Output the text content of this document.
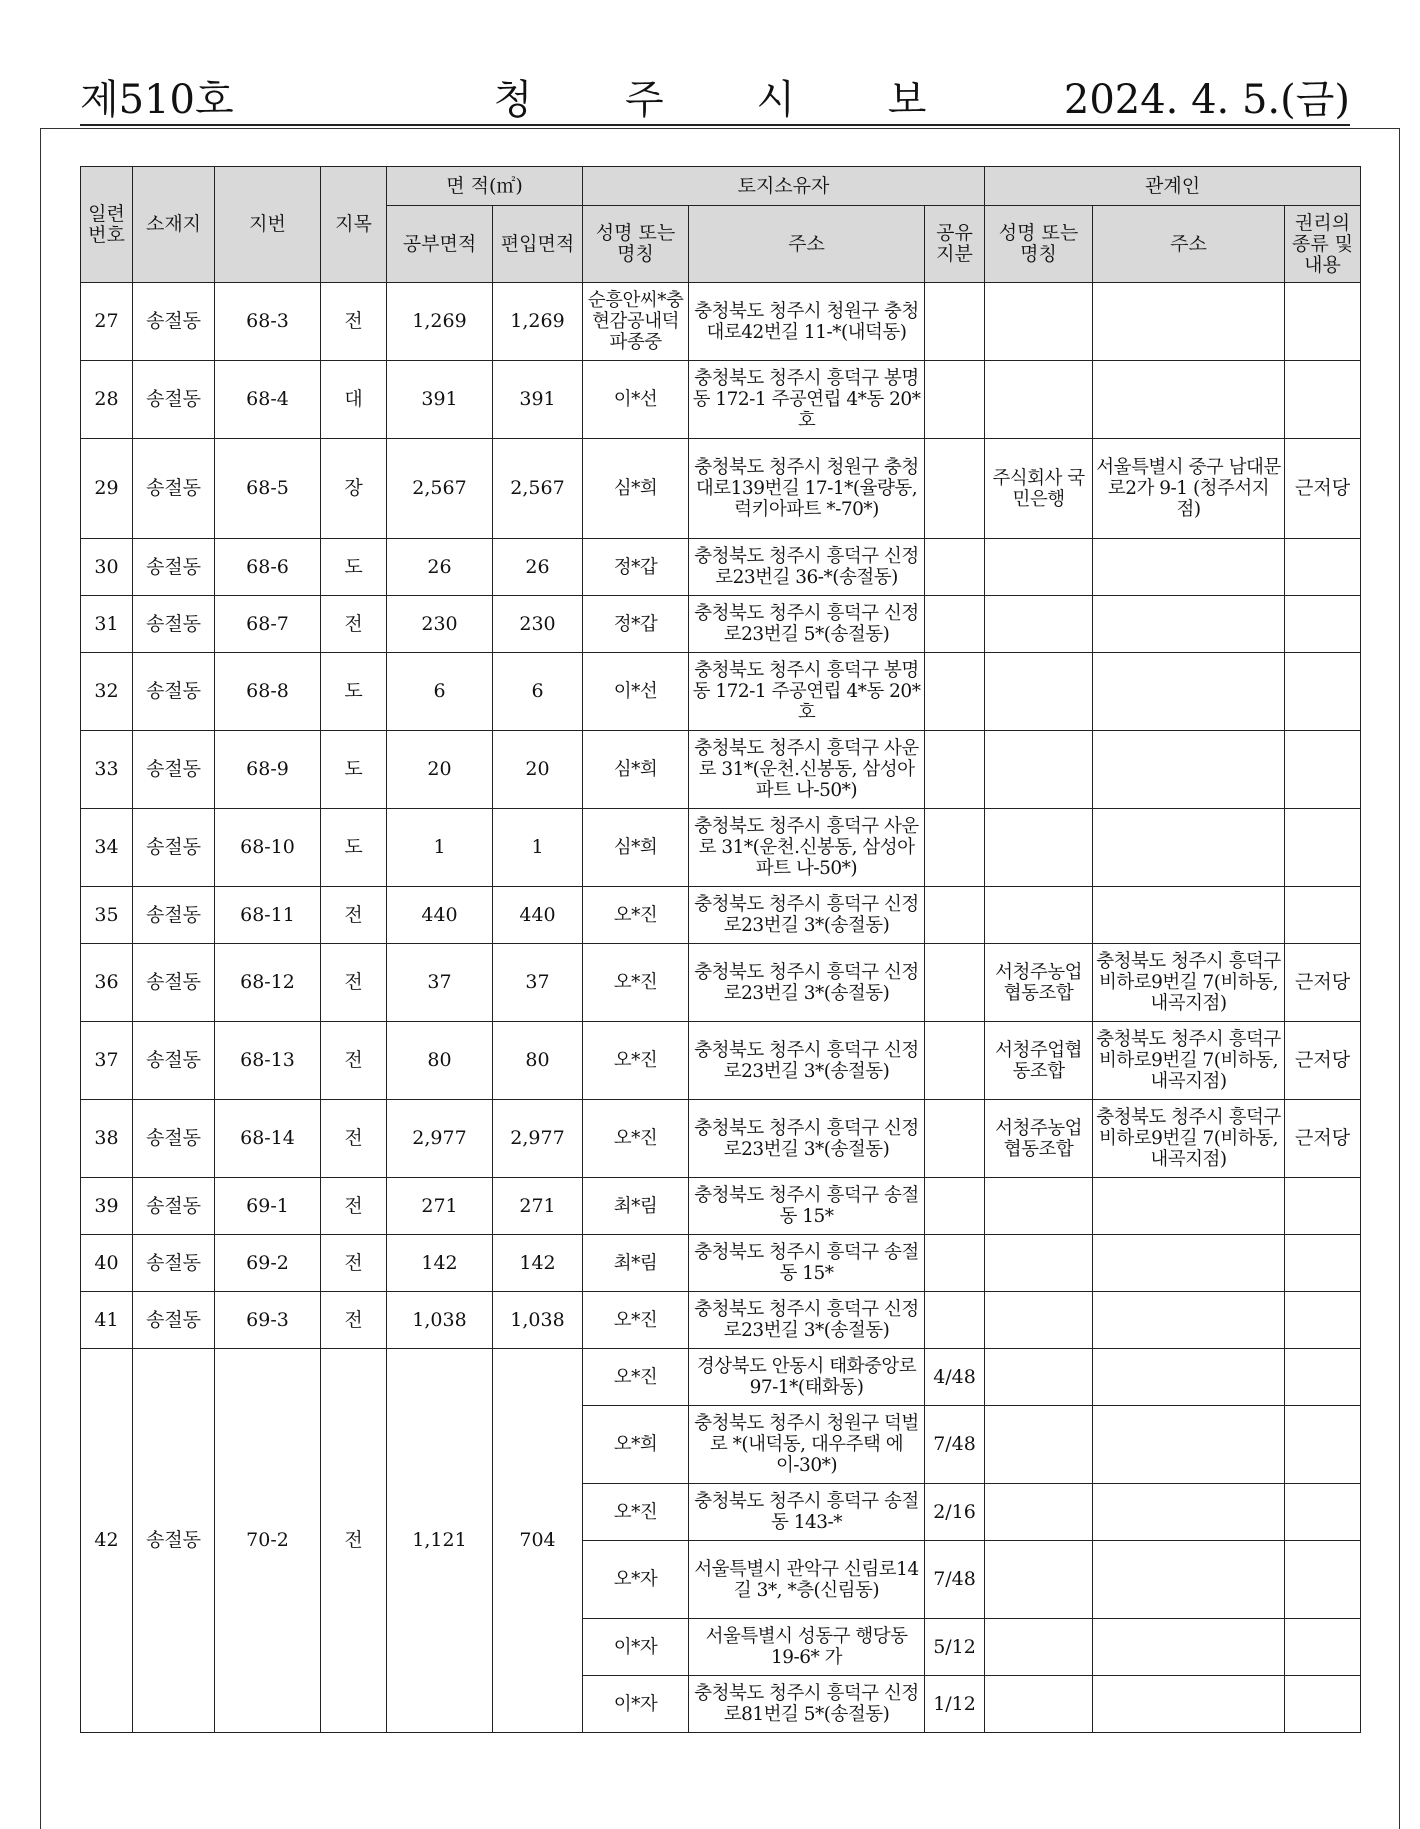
제510호	청 주 시 보	2024. 4. 5.(금)
일련번호	소재지	지번	지목	면 적(㎡)		토지소유자			관계인		
				공부면적	편입면적	성명 또는 명칭	주소	공유지분	성명 또는 명칭	주소	권리의 종류 및 내용
27	송절동	68-3	전	1,269	1,269	순흥안씨*충현감공내덕파종중	충청북도 청주시 청원구 충청대로42번길 11-*(내덕동)				
28	송절동	68-4	대	391	391	이*선	충청북도 청주시 흥덕구 봉명동 172-1 주공연립 4*동 20*호				
29	송절동	68-5	장	2,567	2,567	심*희	충청북도 청주시 청원구 충청대로139번길 17-1*(율량동, 럭키아파트 *-70*)		주식회사 국민은행	서울특별시 중구 남대문로2가 9-1 (청주서지점)	근저당
30	송절동	68-6	도	26	26	정*갑	충청북도 청주시 흥덕구 신정로23번길 36-*(송절동)				
31	송절동	68-7	전	230	230	정*갑	충청북도 청주시 흥덕구 신정로23번길 5*(송절동)				
32	송절동	68-8	도	6	6	이*선	충청북도 청주시 흥덕구 봉명동 172-1 주공연립 4*동 20*호				
33	송절동	68-9	도	20	20	심*희	충청북도 청주시 흥덕구 사운로 31*(운천.신봉동, 삼성아파트 나-50*)				
34	송절동	68-10	도	1	1	심*희	충청북도 청주시 흥덕구 사운로 31*(운천.신봉동, 삼성아파트 나-50*)				
35	송절동	68-11	전	440	440	오*진	충청북도 청주시 흥덕구 신정로23번길 3*(송절동)				
36	송절동	68-12	전	37	37	오*진	충청북도 청주시 흥덕구 신정로23번길 3*(송절동)		서청주농업협동조합	충청북도 청주시 흥덕구 비하로9번길 7(비하동, 내곡지점)	근저당
37	송절동	68-13	전	80	80	오*진	충청북도 청주시 흥덕구 신정로23번길 3*(송절동)		서청주업협동조합	충청북도 청주시 흥덕구 비하로9번길 7(비하동, 내곡지점)	근저당
38	송절동	68-14	전	2,977	2,977	오*진	충청북도 청주시 흥덕구 신정로23번길 3*(송절동)		서청주농업협동조합	충청북도 청주시 흥덕구 비하로9번길 7(비하동, 내곡지점)	근저당
39	송절동	69-1	전	271	271	최*림	충청북도 청주시 흥덕구 송절동 15*				
40	송절동	69-2	전	142	142	최*림	충청북도 청주시 흥덕구 송절동 15*				
41	송절동	69-3	전	1,038	1,038	오*진	충청북도 청주시 흥덕구 신정로23번길 3*(송절동)				
42	송절동	70-2	전	1,121	704	오*진	경상북도 안동시 태화중앙로 97-1*(태화동)	4/48			
						오*희	충청북도 청주시 청원구 덕벌로 *(내덕동, 대우주택 에이-30*)	7/48			
						오*진	충청북도 청주시 흥덕구 송절동 143-*	2/16			
						오*자	서울특별시 관악구 신림로14길 3*, *층(신림동)	7/48			
						이*자	서울특별시 성동구 행당동 19-6* 가	5/12			
						이*자	충청북도 청주시 흥덕구 신정로81번길 5*(송절동)	1/12			
